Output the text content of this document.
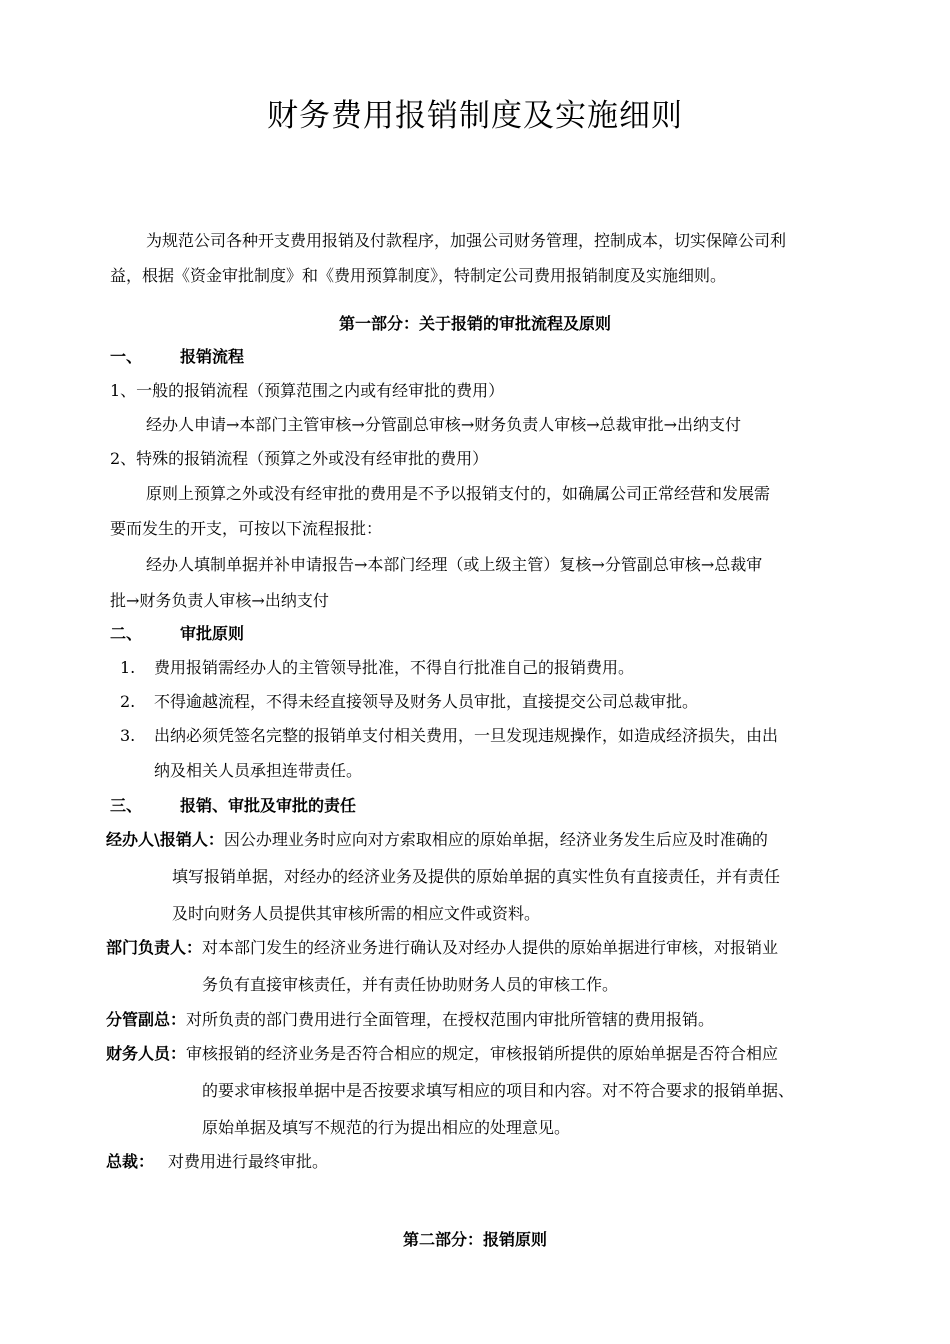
财务费用报销制度及实施细则
为规范公司各种开支费用报销及付款程序，加强公司财务管理，控制成本，切实保障公司利
益，根据《资金审批制度》和《费用预算制度》，特制定公司费用报销制度及实施细则。
第一部分：关于报销的审批流程及原则
一、 报销流程
1、一般的报销流程（预算范围之内或有经审批的费用）
经办人申请→本部门主管审核→分管副总审核→财务负责人审核→总裁审批→出纳支付
2、特殊的报销流程（预算之外或没有经审批的费用）
原则上预算之外或没有经审批的费用是不予以报销支付的，如确属公司正常经营和发展需
要而发生的开支，可按以下流程报批：
经办人填制单据并补申请报告→本部门经理（或上级主管）复核→分管副总审核→总裁审
批→财务负责人审核→出纳支付
二、 审批原则
1. 费用报销需经办人的主管领导批准，不得自行批准自己的报销费用。
2. 不得逾越流程，不得未经直接领导及财务人员审批，直接提交公司总裁审批。
3. 出纳必须凭签名完整的报销单支付相关费用，一旦发现违规操作，如造成经济损失，由出
纳及相关人员承担连带责任。
三、 报销、审批及审批的责任
经办人\报销人：因公办理业务时应向对方索取相应的原始单据，经济业务发生后应及时准确的
填写报销单据，对经办的经济业务及提供的原始单据的真实性负有直接责任，并有责任
及时向财务人员提供其审核所需的相应文件或资料。
部门负责人：对本部门发生的经济业务进行确认及对经办人提供的原始单据进行审核，对报销业
务负有直接审核责任，并有责任协助财务人员的审核工作。
分管副总：对所负责的部门费用进行全面管理，在授权范围内审批所管辖的费用报销。
财务人员：审核报销的经济业务是否符合相应的规定，审核报销所提供的原始单据是否符合相应
的要求审核报单据中是否按要求填写相应的项目和内容。对不符合要求的报销单据、
原始单据及填写不规范的行为提出相应的处理意见。
总裁： 对费用进行最终审批。
第二部分：报销原则
